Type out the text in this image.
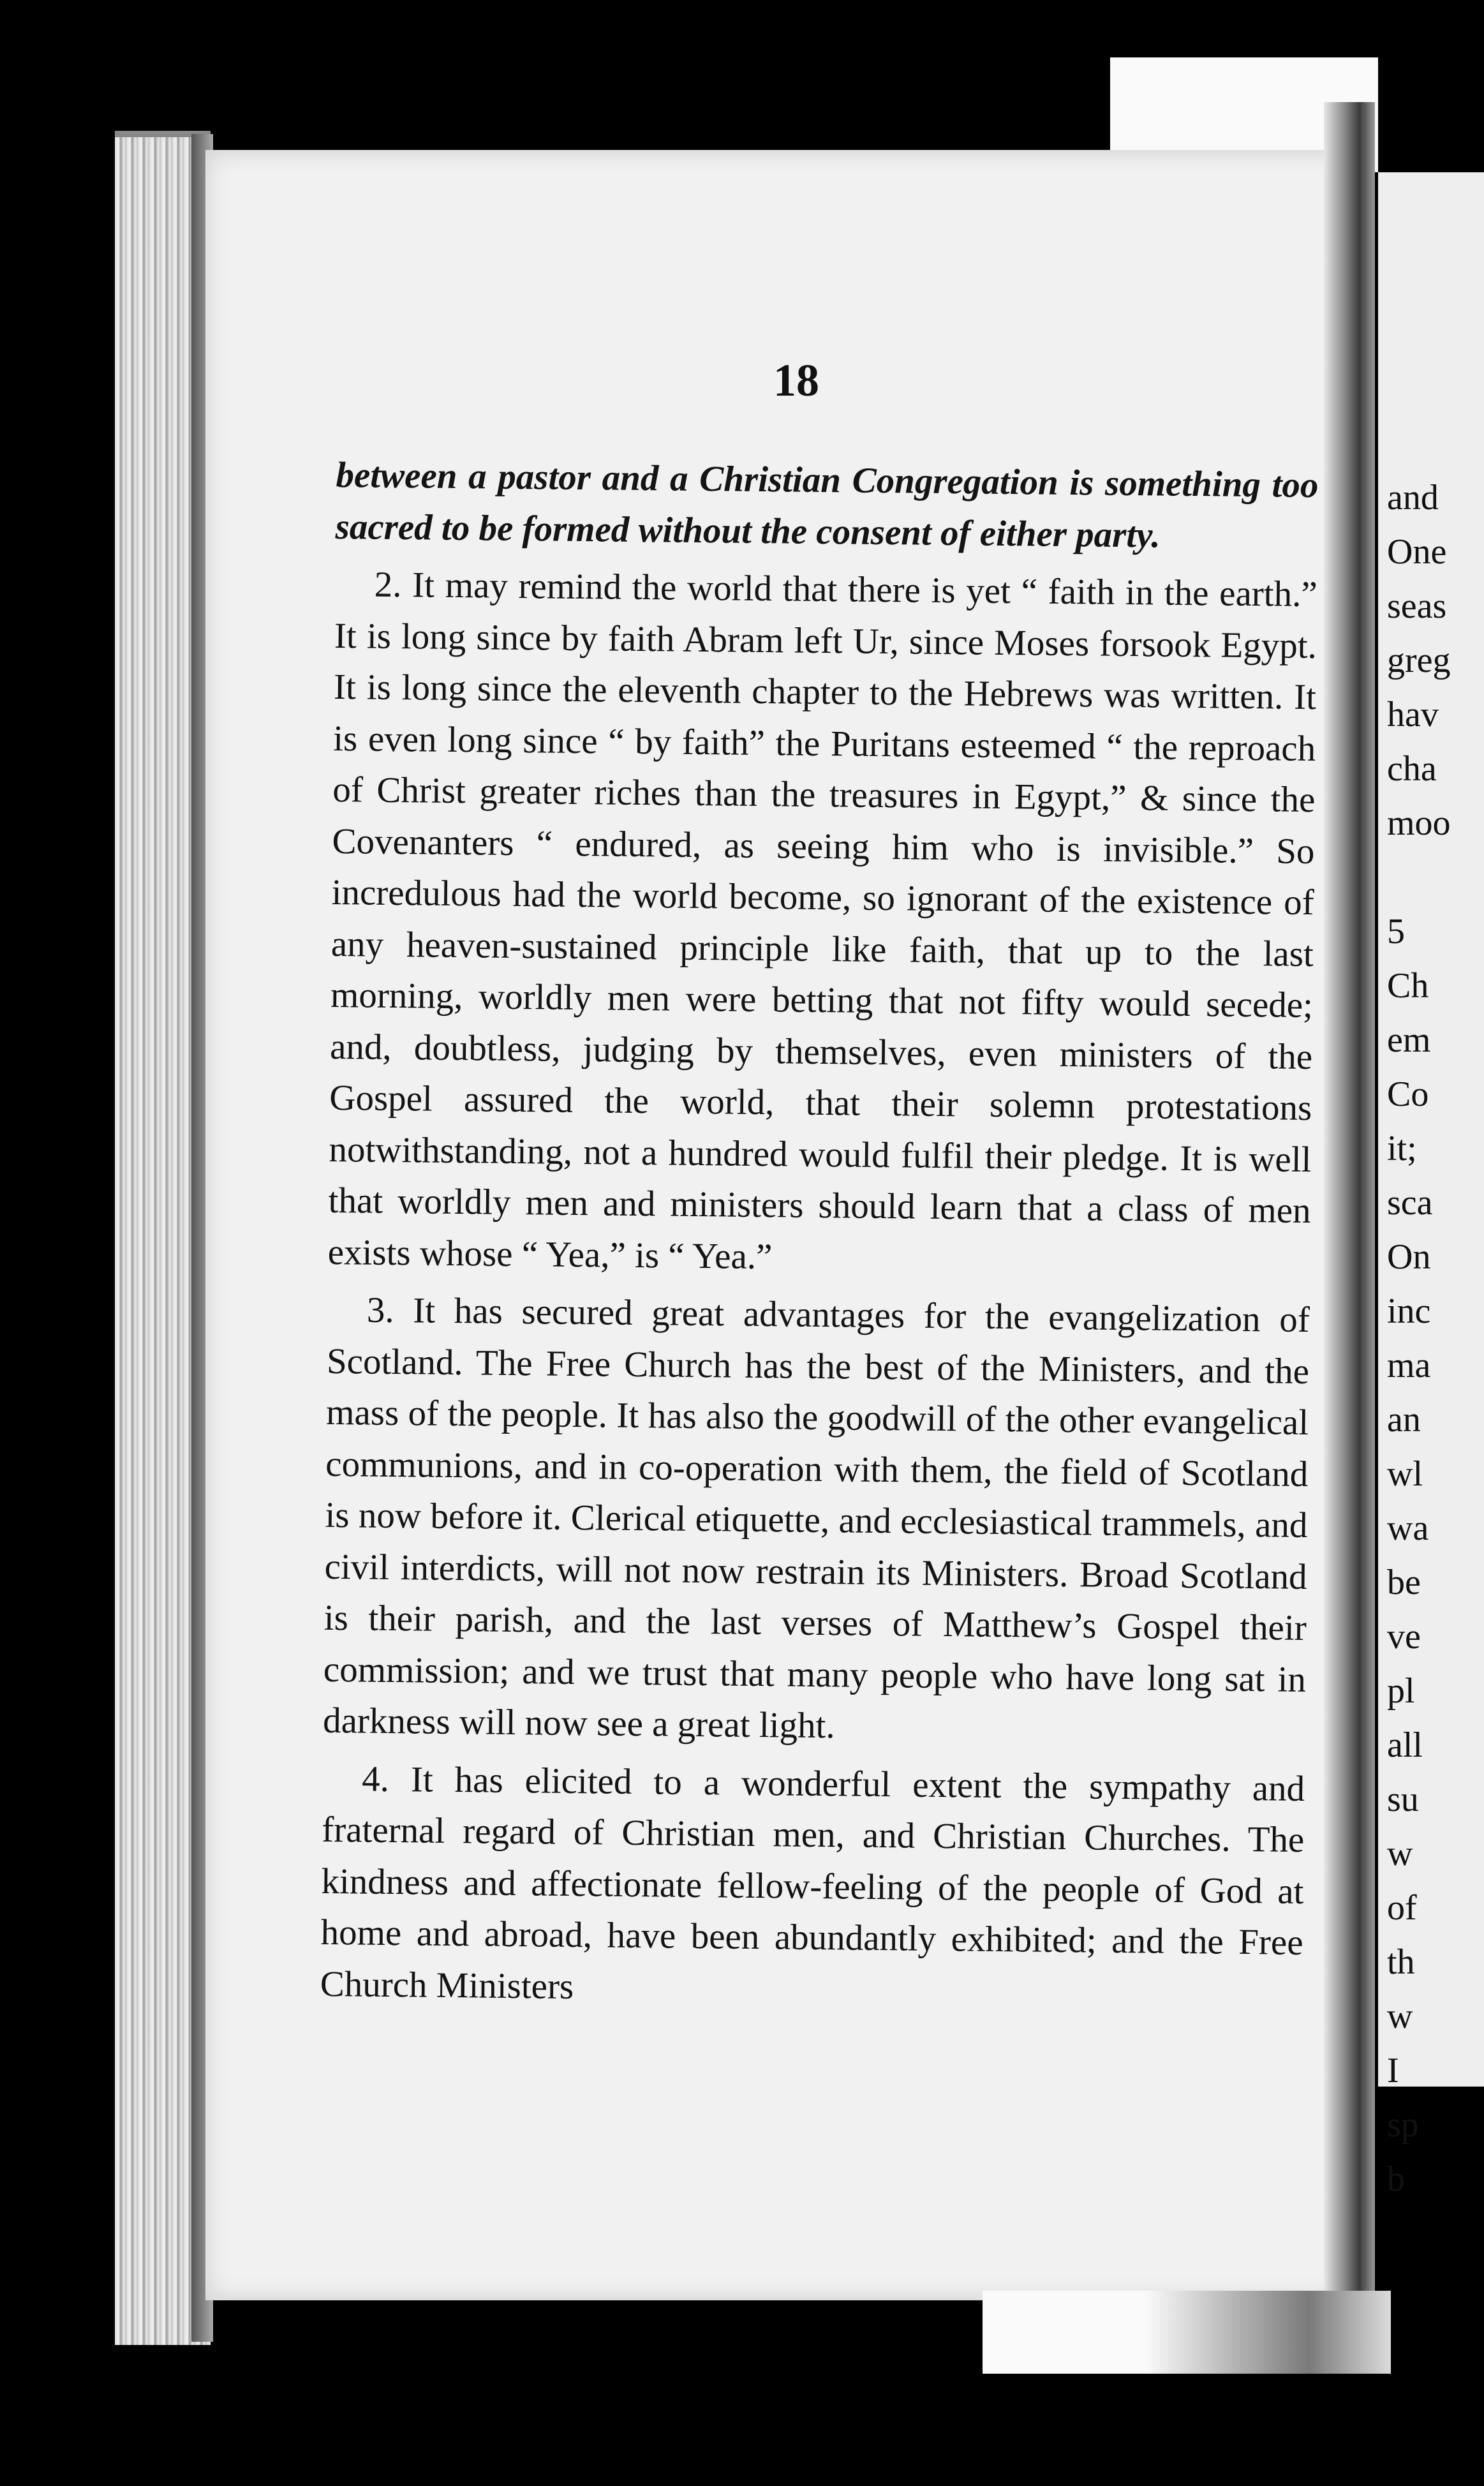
18

between a pastor and a Christian Congregation is something too sacred to be formed without the consent of either party.

2. It may remind the world that there is yet “ faith in the earth.” It is long since by faith Abram left Ur, since Moses forsook Egypt. It is long since the eleventh chapter to the Hebrews was written. It is even long since “ by faith” the Puritans esteemed “ the reproach of Christ greater riches than the treasures in Egypt,” & since the Covenanters “ endured, as seeing him who is invisible.” So incredulous had the world become, so ignorant of the existence of any heaven-sustained principle like faith, that up to the last morning, worldly men were betting that not fifty would secede; and, doubtless, judging by themselves, even ministers of the Gospel assured the world, that their solemn protestations notwithstanding, not a hundred would fulfil their pledge. It is well that worldly men and ministers should learn that a class of men exists whose “ Yea,” is “ Yea.”

3. It has secured great advantages for the evangelization of Scotland. The Free Church has the best of the Ministers, and the mass of the people. It has also the goodwill of the other evangelical communions, and in co-operation with them, the field of Scotland is now before it. Clerical etiquette, and ecclesiastical trammels, and civil interdicts, will not now restrain its Ministers. Broad Scotland is their parish, and the last verses of Matthew’s Gospel their commission; and we trust that many people who have long sat in darkness will now see a great light.

4. It has elicited to a wonderful extent the sympathy and fraternal regard of Christian men, and Christian Churches. The kindness and affectionate fellow-feeling of the people of God at home and abroad, have been abundantly exhibited; and the Free Church Ministers

and
One
seas
greg
hav
cha
moo
5
Ch
em
Co
it;
sca
On
inc
ma
an
wl
wa
be
ve
pl
all
su
w
of
th
w
I
sp
b
